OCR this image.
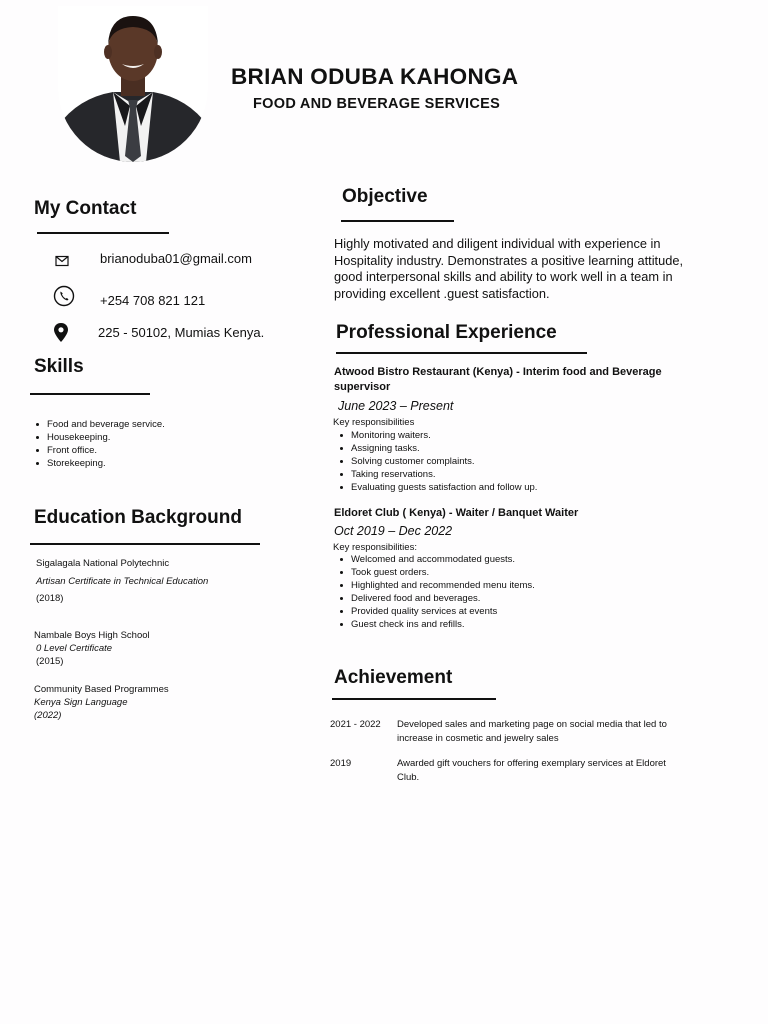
BRIAN ODUBA KAHONGA
FOOD AND BEVERAGE SERVICES
My Contact
brianoduba01@gmail.com
+254 708 821 121
225 - 50102, Mumias Kenya.
Skills
Food and beverage service.
Housekeeping.
Front office.
Storekeeping.
Education Background
Sigalagala National Polytechnic
Artisan Certificate in Technical Education
(2018)
Nambale Boys High School
0 Level Certificate
(2015)
Community Based Programmes
Kenya Sign Language
(2022)
Objective
Highly motivated and diligent individual with experience in Hospitality industry. Demonstrates a positive learning attitude, good interpersonal skills and ability to work well in a team in providing excellent .guest satisfaction.
Professional Experience
Atwood Bistro Restaurant (Kenya) - Interim food and Beverage supervisor
June 2023 – Present
Key responsibilities
Monitoring waiters.
Assigning tasks.
Solving customer complaints.
Taking reservations.
Evaluating guests satisfaction and follow up.
Eldoret Club ( Kenya) - Waiter / Banquet Waiter
Oct 2019 – Dec 2022
Key responsibilities:
Welcomed and accommodated guests.
Took guest orders.
Highlighted and recommended menu items.
Delivered food and beverages.
Provided quality services at events
Guest check ins and refills.
Achievement
2021 - 2022 Developed sales and marketing page on social media that led to increase in cosmetic and jewelry sales
2019	Awarded gift vouchers for offering exemplary services at Eldoret Club.
